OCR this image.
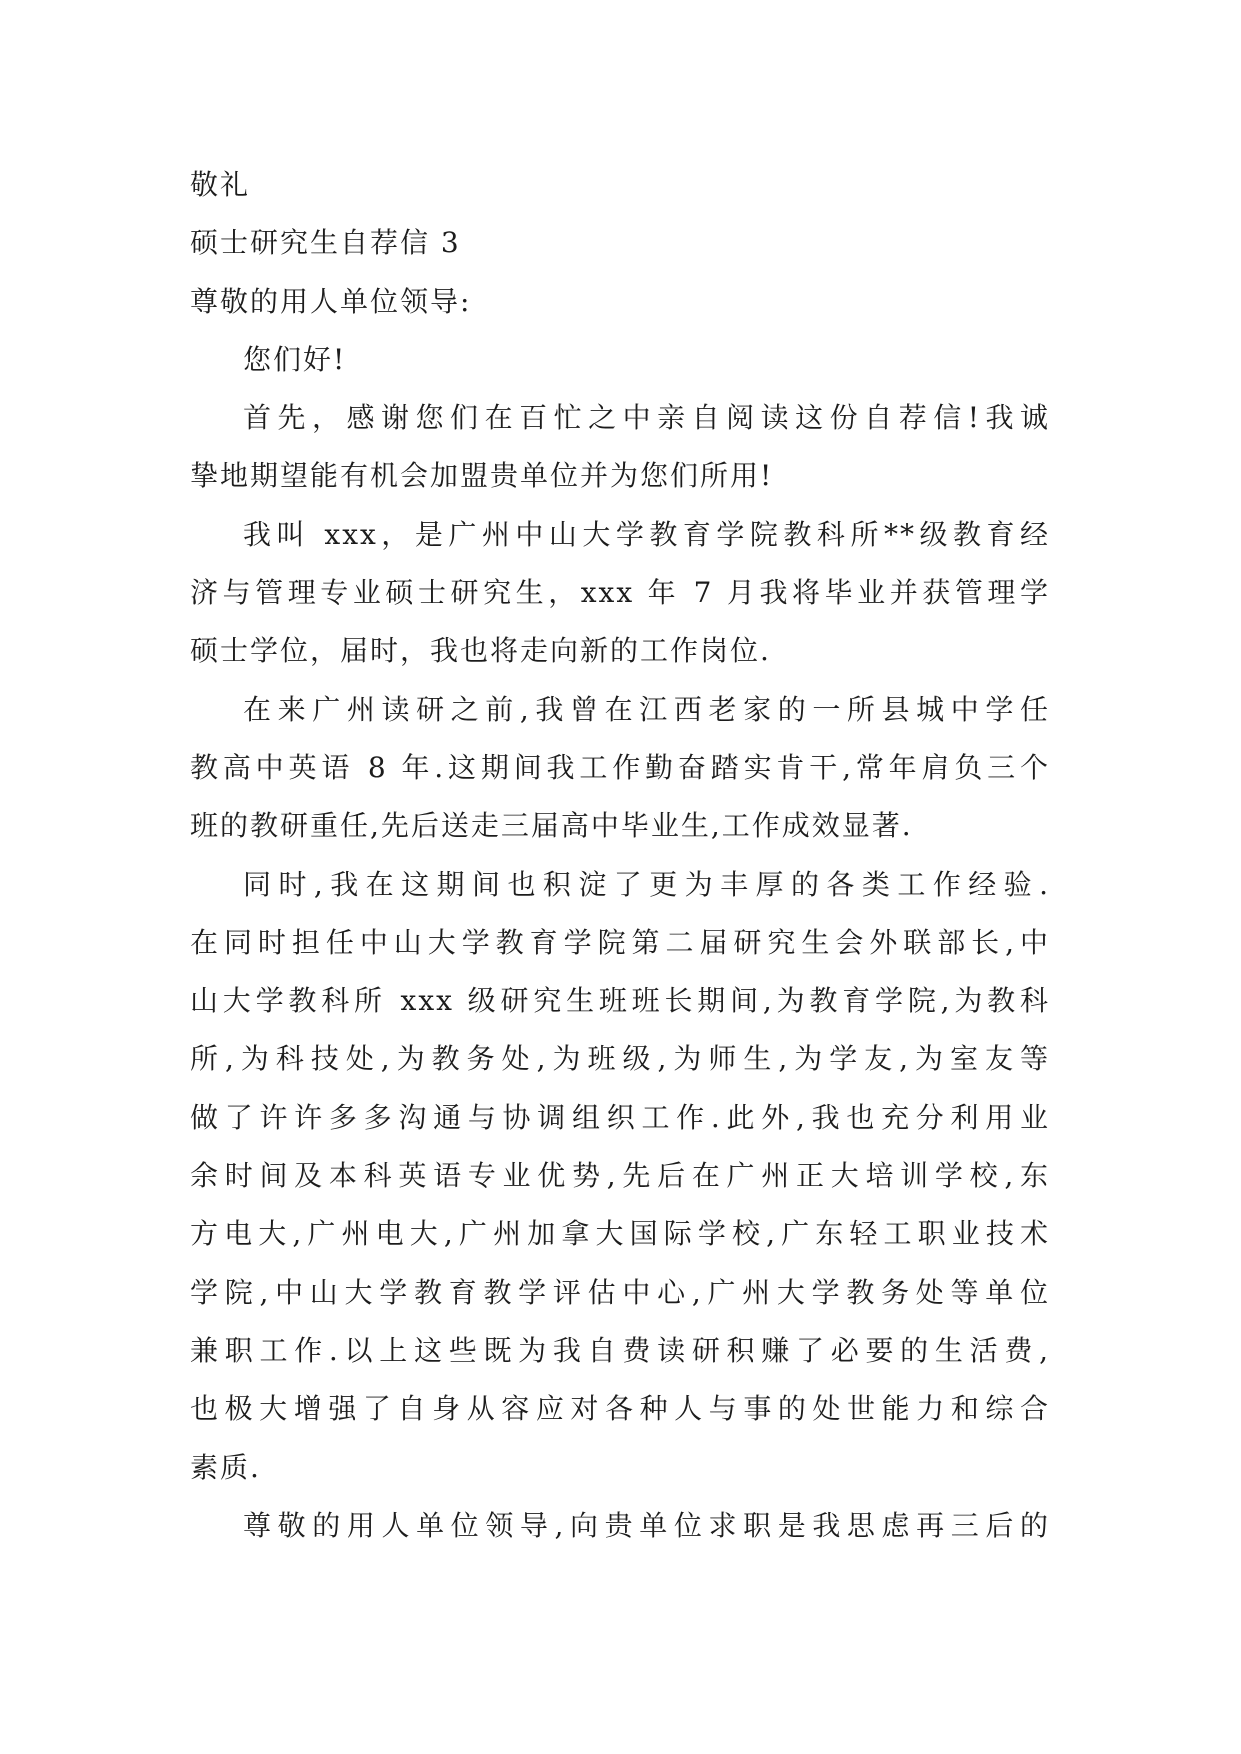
敬礼
硕士研究生自荐信 3
尊敬的用人单位领导:
您们好!
首先，感谢您们在百忙之中亲自阅读这份自荐信!我诚
挚地期望能有机会加盟贵单位并为您们所用!
我叫 xxx，是广州中山大学教育学院教科所**级教育经
济与管理专业硕士研究生，xxx 年 7 月我将毕业并获管理学
硕士学位，届时，我也将走向新的工作岗位.
在来广州读研之前,我曾在江西老家的一所县城中学任
教高中英语 8 年.这期间我工作勤奋踏实肯干,常年肩负三个
班的教研重任,先后送走三届高中毕业生,工作成效显著.
同时,我在这期间也积淀了更为丰厚的各类工作经验.
在同时担任中山大学教育学院第二届研究生会外联部长,中
山大学教科所 xxx 级研究生班班长期间,为教育学院,为教科
所,为科技处,为教务处,为班级,为师生,为学友,为室友等
做了许许多多沟通与协调组织工作.此外,我也充分利用业
余时间及本科英语专业优势,先后在广州正大培训学校,东
方电大,广州电大,广州加拿大国际学校,广东轻工职业技术
学院,中山大学教育教学评估中心,广州大学教务处等单位
兼职工作.以上这些既为我自费读研积赚了必要的生活费,
也极大增强了自身从容应对各种人与事的处世能力和综合
素质.
尊敬的用人单位领导,向贵单位求职是我思虑再三后的
